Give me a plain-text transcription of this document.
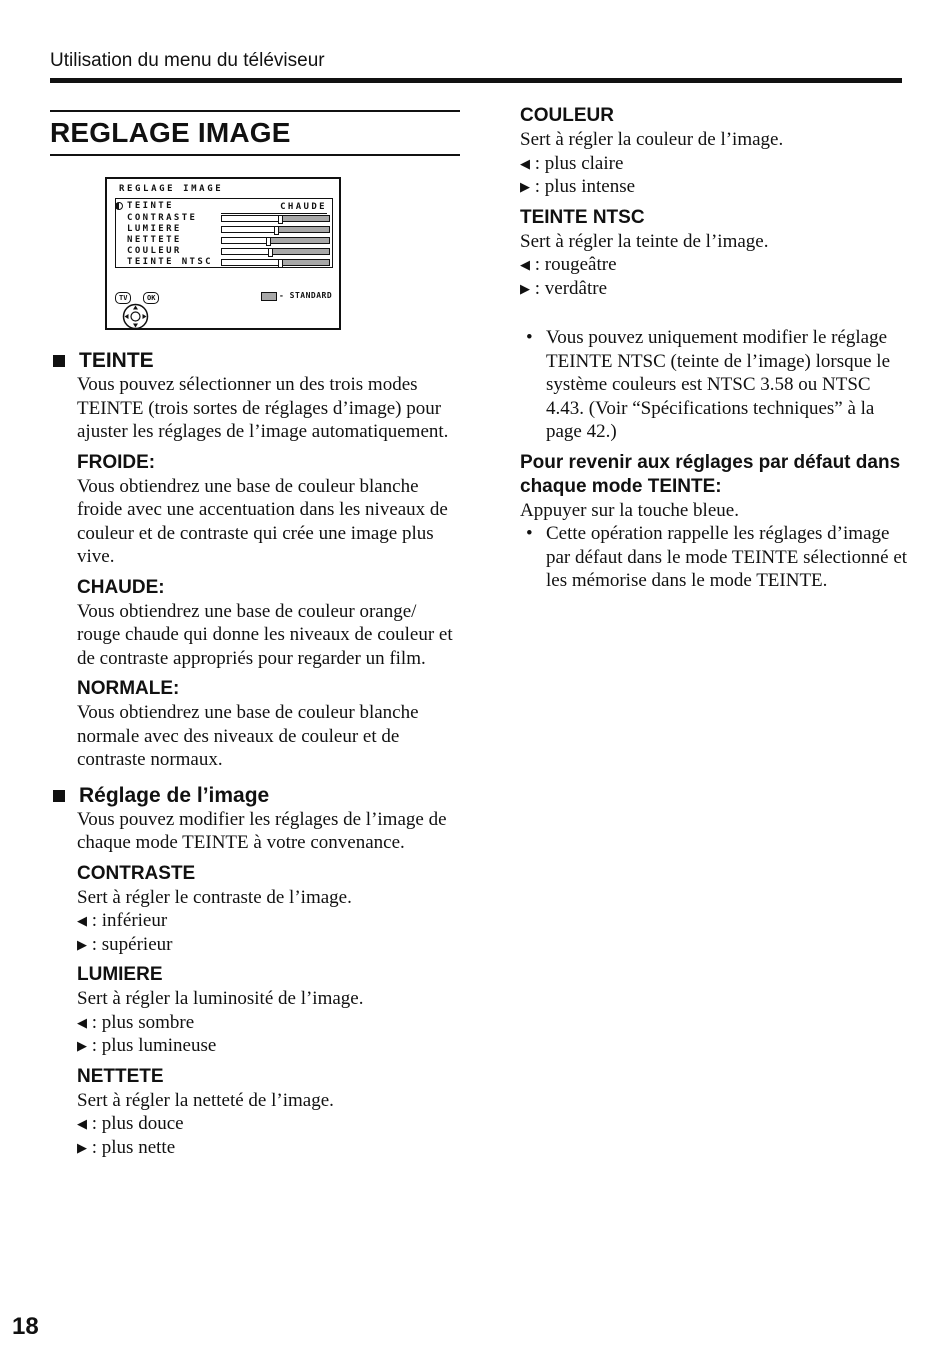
Utilisation du menu du téléviseur
REGLAGE IMAGE
REGLAGE IMAGE
TEINTE	CHAUDE
CONTRASTE
LUMIERE
NETTETE
COULEUR
TEINTE NTSC
TV	OK	- STANDARD
TEINTE
Vous pouvez sélectionner un des trois modes TEINTE (trois sortes de réglages d’image) pour ajuster les réglages de l’image automatiquement.
FROIDE:
Vous obtiendrez une base de couleur blanche froide avec une accentuation dans les niveaux de couleur et de contraste qui crée une image plus vive.
CHAUDE:
Vous obtiendrez une base de couleur orange/ rouge chaude qui donne les niveaux de couleur et de contraste appropriés pour regarder un film.
NORMALE:
Vous obtiendrez une base de couleur blanche normale avec des niveaux de couleur et de contraste normaux.
Réglage de l’image
Vous pouvez modifier les réglages de l’image de chaque mode TEINTE à votre convenance.
CONTRASTE
Sert à régler le contraste de l’image.
◀ : inférieur
▶ : supérieur
LUMIERE
Sert à régler la luminosité de l’image.
◀ : plus sombre
▶ : plus lumineuse
NETTETE
Sert à régler la netteté de l’image.
◀ : plus douce
▶ : plus nette
COULEUR
Sert à régler la couleur de l’image.
◀ : plus claire
▶ : plus intense
TEINTE NTSC
Sert à régler la teinte de l’image.
◀ : rougeâtre
▶ : verdâtre
• Vous pouvez uniquement modifier le réglage TEINTE NTSC (teinte de l’image) lorsque le système couleurs est NTSC 3.58 ou NTSC 4.43. (Voir “Spécifications techniques” à la page 42.)
Pour revenir aux réglages par défaut dans chaque mode TEINTE:
Appuyer sur la touche bleue.
• Cette opération rappelle les réglages d’image par défaut dans le mode TEINTE sélectionné et les mémorise dans le mode TEINTE.
18
